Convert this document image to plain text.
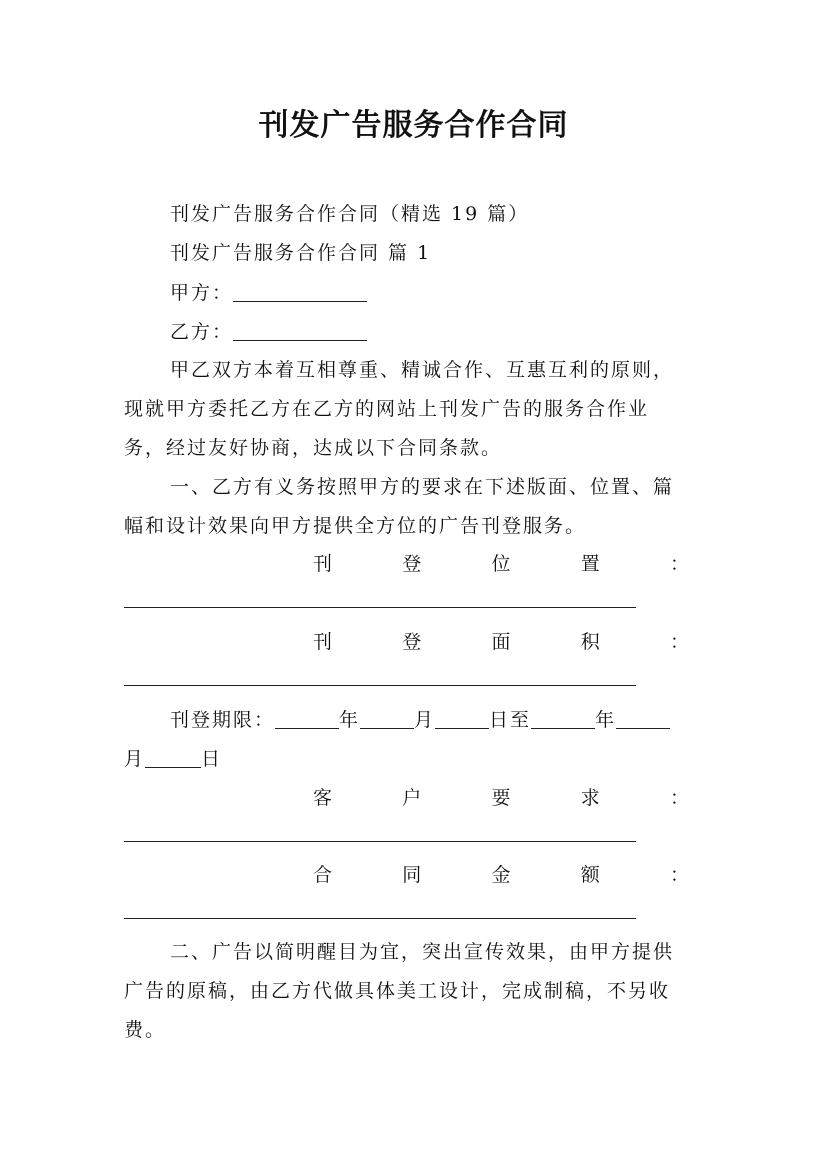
刊发广告服务合作合同
刊发广告服务合作合同（精选 19 篇）
刊发广告服务合作合同 篇 1
甲方：
乙方：
甲乙双方本着互相尊重、精诚合作、互惠互利的原则，
现就甲方委托乙方在乙方的网站上刊发广告的服务合作业
务，经过友好协商，达成以下合同条款。
一、乙方有义务按照甲方的要求在下述版面、位置、篇
幅和设计效果向甲方提供全方位的广告刊登服务。
刊	登	位	置	：
刊	登	面	积	：
刊登期限：	年	月	日至	年
月	日
客	户	要	求	：
合	同	金	额	：
二、广告以简明醒目为宜，突出宣传效果，由甲方提供
广告的原稿，由乙方代做具体美工设计，完成制稿，不另收
费。
